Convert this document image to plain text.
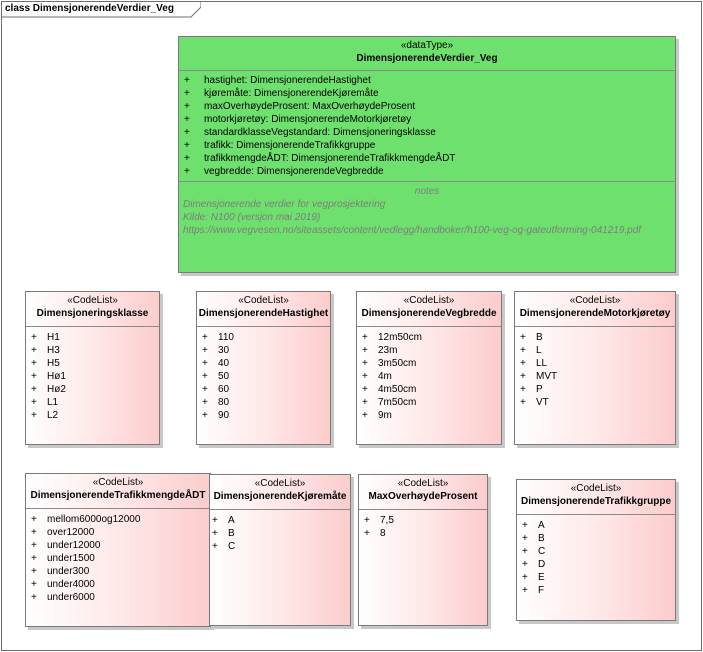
class DimensjonerendeVerdier_Veg
«dataType»
DimensjonerendeVerdier_Veg
+ hastighet: DimensjonerendeHastighet
+ kjøremåte: DimensjonerendeKjøremåte
+ maxOverhøydeProsent: MaxOverhøydeProsent
+ motorkjøretøy: DimensjonerendeMotorkjøretøy
+ standardklasseVegstandard: Dimensjoneringsklasse
+ trafikk: DimensjonerendeTrafikkgruppe
+ trafikkmengdeÅDT: DimensjonerendeTrafikkmengdeÅDT
+ vegbredde: DimensjonerendeVegbredde
notes
Dimensjonerende verdier for vegprosjektering
Kilde: N100 (versjon mai 2019)
https://www.vegvesen.no/siteassets/content/vedlegg/handboker/h100-veg-og-gateutforming-041219.pdf
«CodeList»
Dimensjoneringsklasse
+ H1
+ H3
+ H5
+ Hø1
+ Hø2
+ L1
+ L2
«CodeList»
DimensjonerendeHastighet
+ 110
+ 30
+ 40
+ 50
+ 60
+ 80
+ 90
«CodeList»
DimensjonerendeVegbredde
+ 12m50cm
+ 23m
+ 3m50cm
+ 4m
+ 4m50cm
+ 7m50cm
+ 9m
«CodeList»
DimensjonerendeMotorkjøretøy
+ B
+ L
+ LL
+ MVT
+ P
+ VT
«CodeList»
DimensjonerendeTrafikkmengdeÅDT
+ mellom6000og12000
+ over12000
+ under12000
+ under1500
+ under300
+ under4000
+ under6000
«CodeList»
DimensjonerendeKjøremåte
+ A
+ B
+ C
«CodeList»
MaxOverhøydeProsent
+ 7,5
+ 8
«CodeList»
DimensjonerendeTrafikkgruppe
+ A
+ B
+ C
+ D
+ E
+ F
